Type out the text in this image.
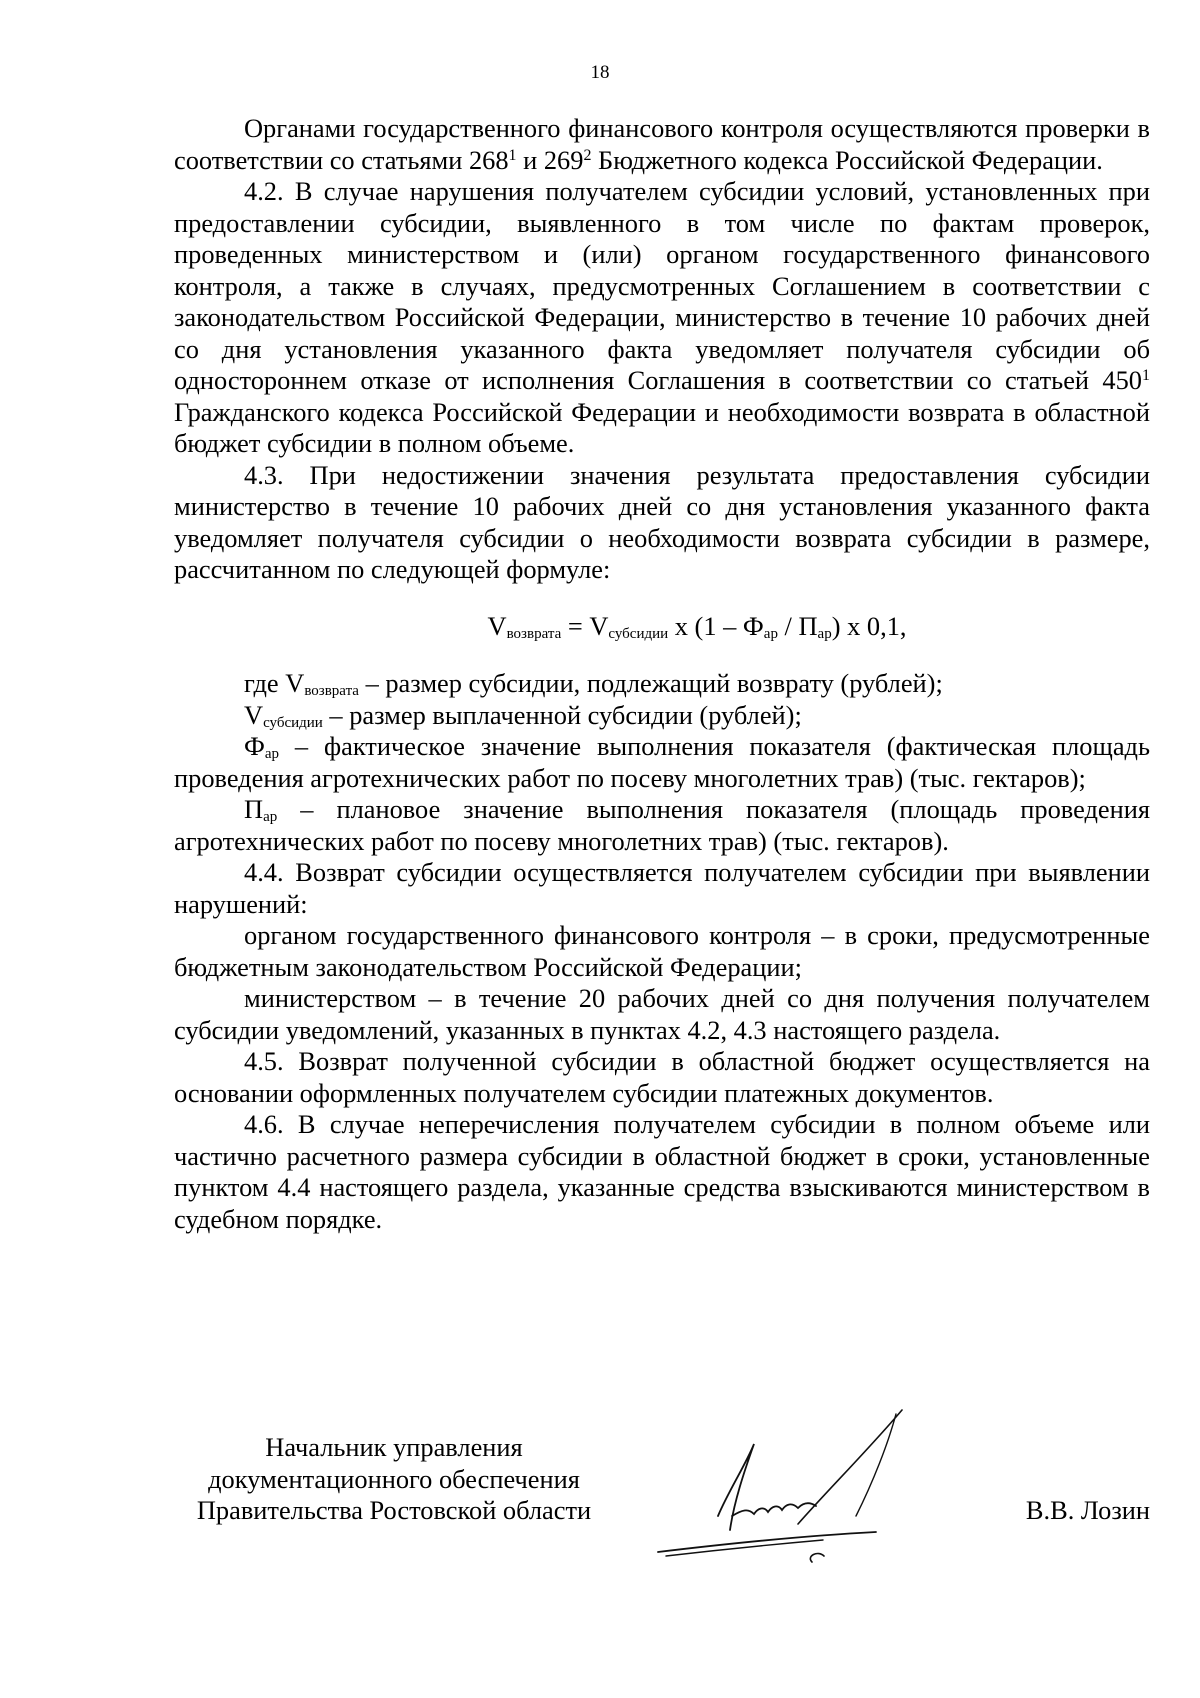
18

Органами государственного финансового контроля осуществляются проверки в соответствии со статьями $268^1$ и $269^2$ Бюджетного кодекса Российской Федерации.

4.2. В случае нарушения получателем субсидии условий, установленных при предоставлении субсидии, выявленного в том числе по фактам проверок, проведенных министерством и (или) органом государственного финансового контроля, а также в случаях, предусмотренных Соглашением в соответствии с законодательством Российской Федерации, министерство в течение 10 рабочих дней со дня установления указанного факта уведомляет получателя субсидии об одностороннем отказе от исполнения Соглашения в соответствии со статьей $450^1$ Гражданского кодекса Российской Федерации и необходимости возврата в областной бюджет субсидии в полном объеме.

4.3. При недостижении значения результата предоставления субсидии министерство в течение 10 рабочих дней со дня установления указанного факта уведомляет получателя субсидии о необходимости возврата субсидии в размере, рассчитанном по следующей формуле:

$V_{возврата} = V_{субсидии}$ x $(1 - Ф_{ар} / П_{ар})$ x 0,1,

где $V_{возврата}$ – размер субсидии, подлежащий возврату (рублей);

$V_{субсидии}$ – размер выплаченной субсидии (рублей);

$Ф_{ар}$ – фактическое значение выполнения показателя (фактическая площадь проведения агротехнических работ по посеву многолетних трав) (тыс. гектаров);

$П_{ар}$ – плановое значение выполнения показателя (площадь проведения агротехнических работ по посеву многолетних трав) (тыс. гектаров).

4.4. Возврат субсидии осуществляется получателем субсидии при выявлении нарушений:

органом государственного финансового контроля – в сроки, предусмотренные бюджетным законодательством Российской Федерации;

министерством – в течение 20 рабочих дней со дня получения получателем субсидии уведомлений, указанных в пунктах 4.2, 4.3 настоящего раздела.

4.5. Возврат полученной субсидии в областной бюджет осуществляется на основании оформленных получателем субсидии платежных документов.

4.6. В случае неперечисления получателем субсидии в полном объеме или частично расчетного размера субсидии в областной бюджет в сроки, установленные пунктом 4.4 настоящего раздела, указанные средства взыскиваются министерством в судебном порядке.

Начальник управления
документационного обеспечения
Правительства Ростовской области	В.В. Лозин
